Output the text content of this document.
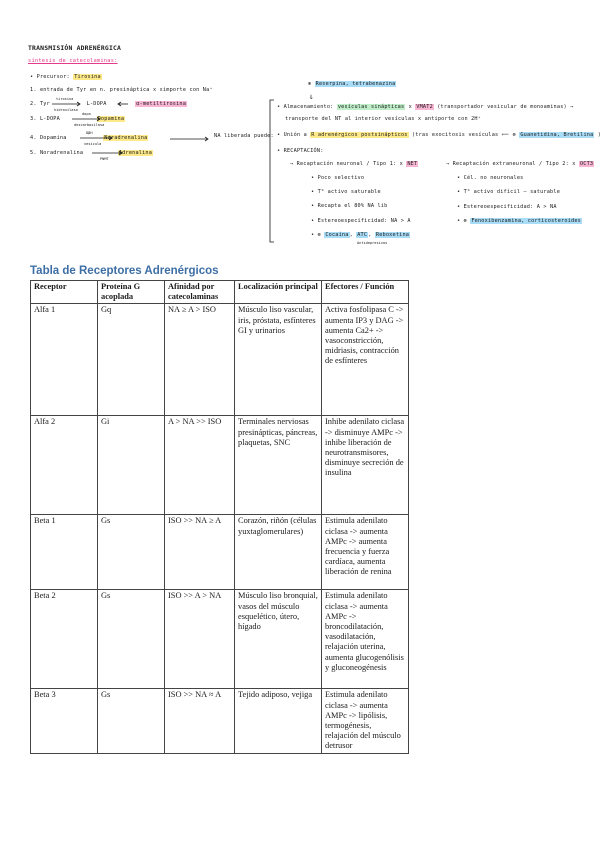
TRANSMISIÓN ADRENÉRGICA
síntesis de catecolaminas:
• Precursor: Tirosina
1. entrada de Tyr en n. presináptica x simporte con Na⁺
2. Tyr	L-DOPA	α-metiltirosina
tirosina
hidroxilasa
3. L-DOPA	Dopamina
dopa
descarboxilasa
4. Dopamina	Noradrenalina
DβH
vesícula
5. Noradrenalina	Adrenalina
PNMT
NA liberada puede:
⊗ Reserpina, tetrabenazina
⇓
• Almacenamiento: vesículas sinápticas x VMAT2 (transportador vesicular de monoaminas) →
transporte del NT al interior vesículas x antiporte con 2H⁺
• Unión a R adrenérgicos postsinápticos (tras exocitosis vesículas ⟸ ⊗ Guanetidina, Bretilina )
• RECAPTACIÓN:
→ Recaptación neuronal / Tipo 1: x NET
• Poco selectivo
• T° activo saturable
• Recapta el 80% NA lib
• Estereoespecificidad: NA > A
• ⊗ Cocaína, ATC, Reboxetina
Antidepresivos
→ Recaptación extraneuronal / Tipo 2: x OCT3
• Cél. no neuronales
• T° activo difícil — saturable
• Estereoespecificidad: A > NA
• ⊗ Fenoxibenzamina, corticosteroides
Tabla de Receptores Adrenérgicos
Receptor	Proteína G acoplada	Afinidad por catecolaminas	Localización principal	Efectores / Función
Alfa 1	Gq	NA ≥ A > ISO	Músculo liso vascular, iris, próstata, esfínteres GI y urinarios	Activa fosfolipasa C -> aumenta IP3 y DAG -> aumenta Ca2+ -> vasoconstricción, midriasis, contracción de esfínteres
Alfa 2	Gi	A > NA >> ISO	Terminales nerviosas presinápticas, páncreas, plaquetas, SNC	Inhibe adenilato ciclasa -> disminuye AMPc -> inhibe liberación de neurotransmisores, disminuye secreción de insulina
Beta 1	Gs	ISO >> NA ≥ A	Corazón, riñón (células yuxtaglomerulares)	Estimula adenilato ciclasa -> aumenta AMPc -> aumenta frecuencia y fuerza cardíaca, aumenta liberación de renina
Beta 2	Gs	ISO >> A > NA	Músculo liso bronquial, vasos del músculo esquelético, útero, hígado	Estimula adenilato ciclasa -> aumenta AMPc -> broncodilatación, vasodilatación, relajación uterina, aumenta glucogenólisis y gluconeogénesis
Beta 3	Gs	ISO >> NA ≈ A	Tejido adiposo, vejiga	Estimula adenilato ciclasa -> aumenta AMPc -> lipólisis, termogénesis, relajación del músculo detrusor
